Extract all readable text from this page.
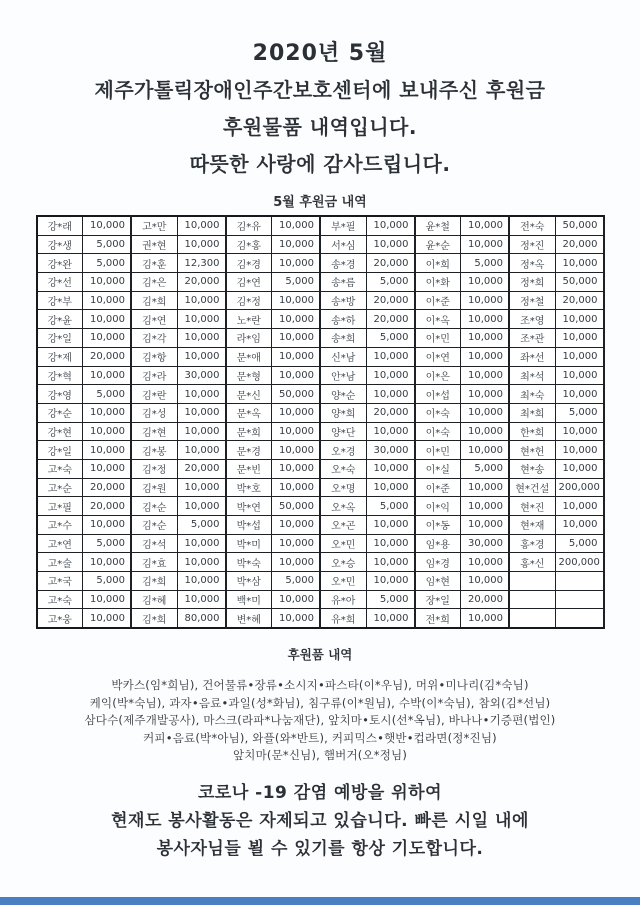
2020년 5월
제주가톨릭장애인주간보호센터에 보내주신 후원금
후원물품 내역입니다.
따뜻한 사랑에 감사드립니다.
5월 후원금 내역
강*래	10,000	고*만	10,000	김*유	10,000	부*필	10,000	윤*철	10,000	전*숙	50,000
강*생	5,000	권*현	10,000	김*홍	10,000	서*심	10,000	윤*순	10,000	정*진	20,000
강*완	5,000	김*훈	12,300	김*경	10,000	송*경	20,000	이*희	5,000	정*옥	10,000
강*선	10,000	김*은	20,000	김*연	5,000	송*름	5,000	이*화	10,000	정*희	50,000
강*부	10,000	김*희	10,000	김*정	10,000	송*방	20,000	이*준	10,000	정*철	20,000
강*윤	10,000	김*연	10,000	노*란	10,000	송*하	20,000	이*옥	10,000	조*영	10,000
강*일	10,000	김*각	10,000	라*임	10,000	송*희	5,000	이*민	10,000	조*관	10,000
강*제	20,000	김*항	10,000	문*애	10,000	신*남	10,000	이*연	10,000	좌*선	10,000
강*혁	10,000	김*라	30,000	문*형	10,000	안*남	10,000	이*은	10,000	최*석	10,000
강*영	5,000	김*란	10,000	문*신	50,000	양*순	10,000	이*섭	10,000	최*숙	10,000
강*순	10,000	김*성	10,000	문*옥	10,000	양*희	20,000	이*숙	10,000	최*희	5,000
강*현	10,000	김*현	10,000	문*희	10,000	양*단	10,000	이*숙	10,000	한*희	10,000
강*일	10,000	김*봉	10,000	문*경	10,000	오*경	30,000	이*민	10,000	현*헌	10,000
고*숙	10,000	김*정	20,000	문*빈	10,000	오*숙	10,000	이*실	5,000	현*송	10,000
고*순	20,000	김*원	10,000	박*호	10,000	오*명	10,000	이*준	10,000	현*건설	200,000
고*필	20,000	김*순	10,000	박*연	50,000	오*옥	5,000	이*익	10,000	현*진	10,000
고*수	10,000	김*순	5,000	박*섭	10,000	오*곤	10,000	이*동	10,000	현*재	10,000
고*연	5,000	김*석	10,000	박*미	10,000	오*민	10,000	임*용	30,000	홍*경	5,000
고*술	10,000	김*효	10,000	박*숙	10,000	오*승	10,000	임*경	10,000	홍*신	200,000
고*국	5,000	김*희	10,000	박*삼	5,000	오*민	10,000	임*현	10,000		
고*숙	10,000	김*혜	10,000	백*미	10,000	유*아	5,000	장*일	20,000		
고*웅	10,000	김*희	80,000	변*혜	10,000	유*희	10,000	전*희	10,000		
후원품 내역
박카스(임*희님), 건어물류•장류•소시지•파스타(이*우님), 머위•미나리(김*숙님)
케익(박*숙님), 과자•음료•과일(성*화님), 침구류(이*원님), 수박(이*숙님), 참외(김*선님)
삼다수(제주개발공사), 마스크(라파*나눔재단), 앞치마•토시(선*옥님), 바나나•기증편(법인)
커피•음료(박*아님), 와플(와*반트), 커피믹스•햇반•컵라면(정*진님)
앞치마(문*신님), 햄버거(오*정님)
코로나 -19 감염 예방을 위하여
현재도 봉사활동은 자제되고 있습니다. 빠른 시일 내에
봉사자님들 뵐 수 있기를 항상 기도합니다.
